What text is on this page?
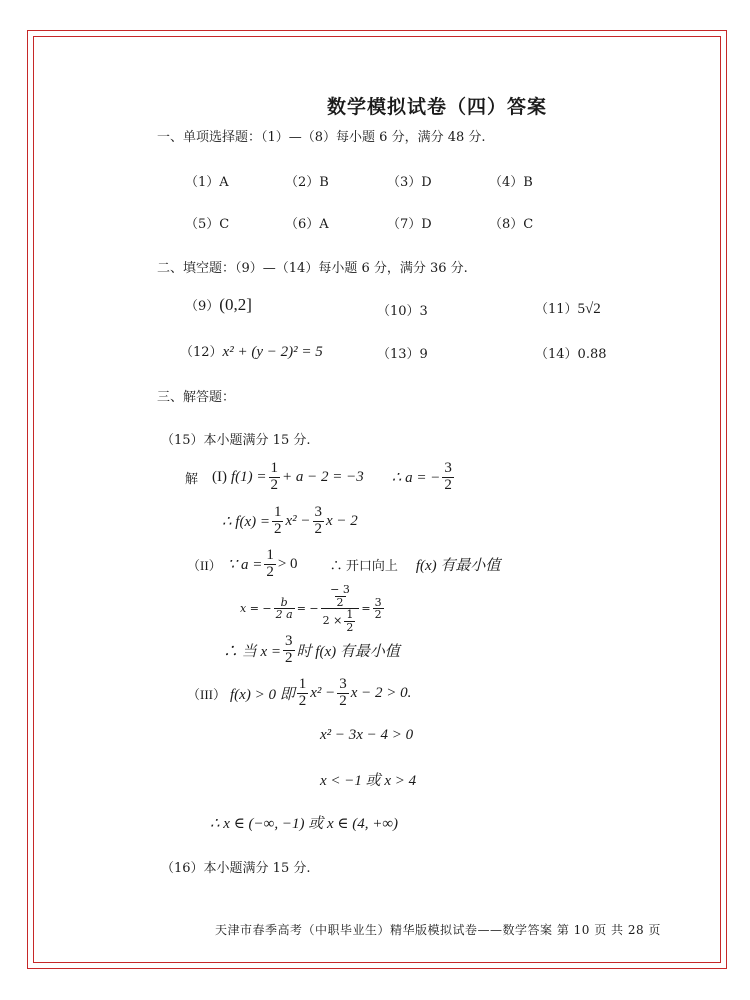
数学模拟试卷（四）答案
一、单项选择题：（1）—（8）每小题 6 分，满分 48 分.
（1）A	（2）B	（3）D	（4）B
（5）C	（6）A	（7）D	（8）C
二、填空题：（9）—（14）每小题 6 分，满分 36 分.
（9）(0,2]	（10）3	（11）5√2
（12）x² + (y − 2)² = 5	（13）9	（14）0.88
三、解答题：
（15）本小题满分 15 分.
解 (I) $f(1) = \frac{1}{2} + a - 2 = -3$ ∴ a = − $\frac{3}{2}$
∴ $f(x) = \frac{1}{2} x^2 - \frac{3}{2}$ x − 2
（II） ∵ $a = \frac{1}{2} > 0$ ∴ 开口向上 f(x) 有最小值
x = − $\frac{b}{2 a}$ = − $\frac{\frac{- 3}{2}}{2 \times \frac{1}{2}} = \frac{3}{2}$
∴ 当 $x = \frac{3}{2}$ 时 f(x) 有最小值
（III） f(x) > 0 即 $\frac{1}{2} x^2 - \frac{3}{2}$ x − 2 > 0.
x² − 3x − 4 > 0
x < −1 或 x > 4
∴ x ∈ (−∞, −1) 或 x ∈ (4, +∞)
（16）本小题满分 15 分.
天津市春季高考（中职毕业生）精华版模拟试卷——数学答案 第 10 页 共 28 页
